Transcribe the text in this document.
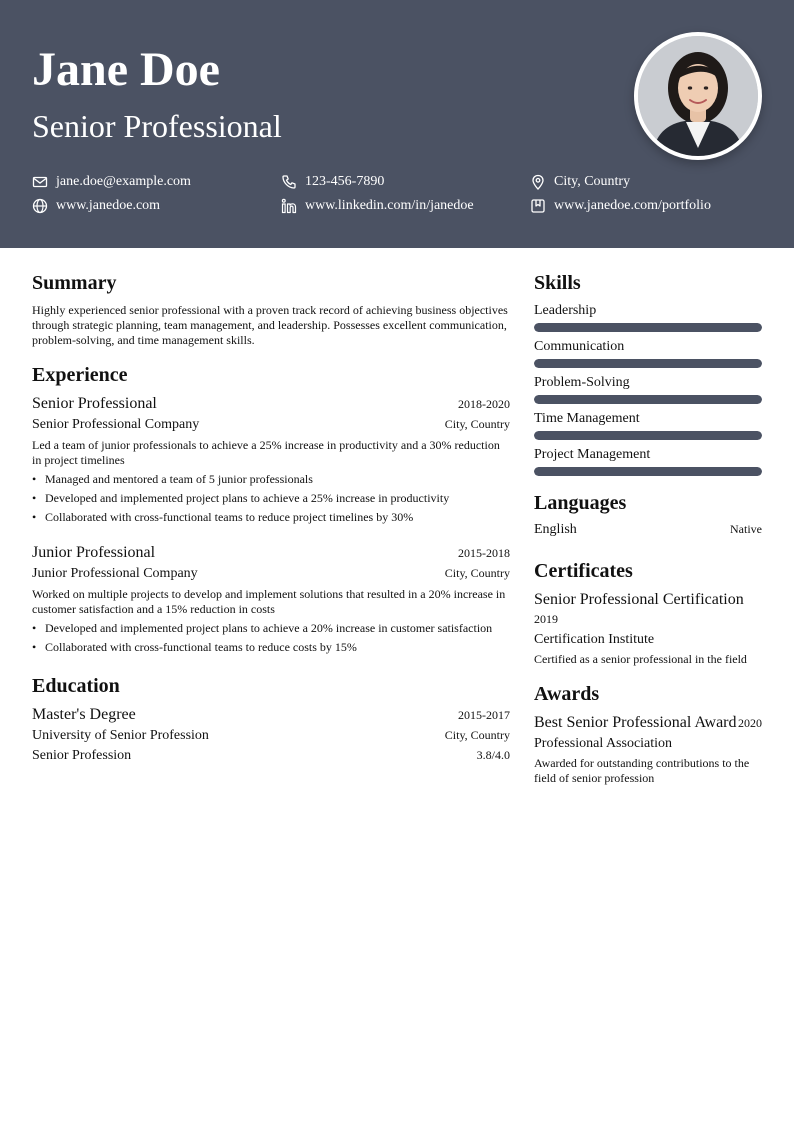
Jane Doe
Senior Professional
jane.doe@example.com	123-456-7890	City, Country
www.janedoe.com	www.linkedin.com/in/janedoe	www.janedoe.com/portfolio
Summary

Highly experienced senior professional with a proven track record of achieving business objectives through strategic planning, team management, and leadership. Possesses excellent communication, problem-solving, and time management skills.

Experience
Senior Professional	2018-2020
Senior Professional Company	City, Country

Led a team of junior professionals to achieve a 25% increase in productivity and a 30% reduction in project timelines

• Managed and mentored a team of 5 junior professionals
• Developed and implemented project plans to achieve a 25% increase in productivity
• Collaborated with cross-functional teams to reduce project timelines by 30%
Junior Professional	2015-2018
Junior Professional Company	City, Country

Worked on multiple projects to develop and implement solutions that resulted in a 20% increase in customer satisfaction and a 15% reduction in costs

• Developed and implemented project plans to achieve a 20% increase in customer satisfaction
• Collaborated with cross-functional teams to reduce costs by 15%
Education
Master's Degree	2015-2017
University of Senior Profession	City, Country
Senior Profession	3.8/4.0
Skills
Leadership
Communication
Problem-Solving
Time Management
Project Management
Languages
English	Native
Certificates
Senior Professional Certification
2019
Certification Institute
Certified as a senior professional in the field
Awards
Best Senior Professional Award 2020
Professional Association
Awarded for outstanding contributions to the field of senior profession
